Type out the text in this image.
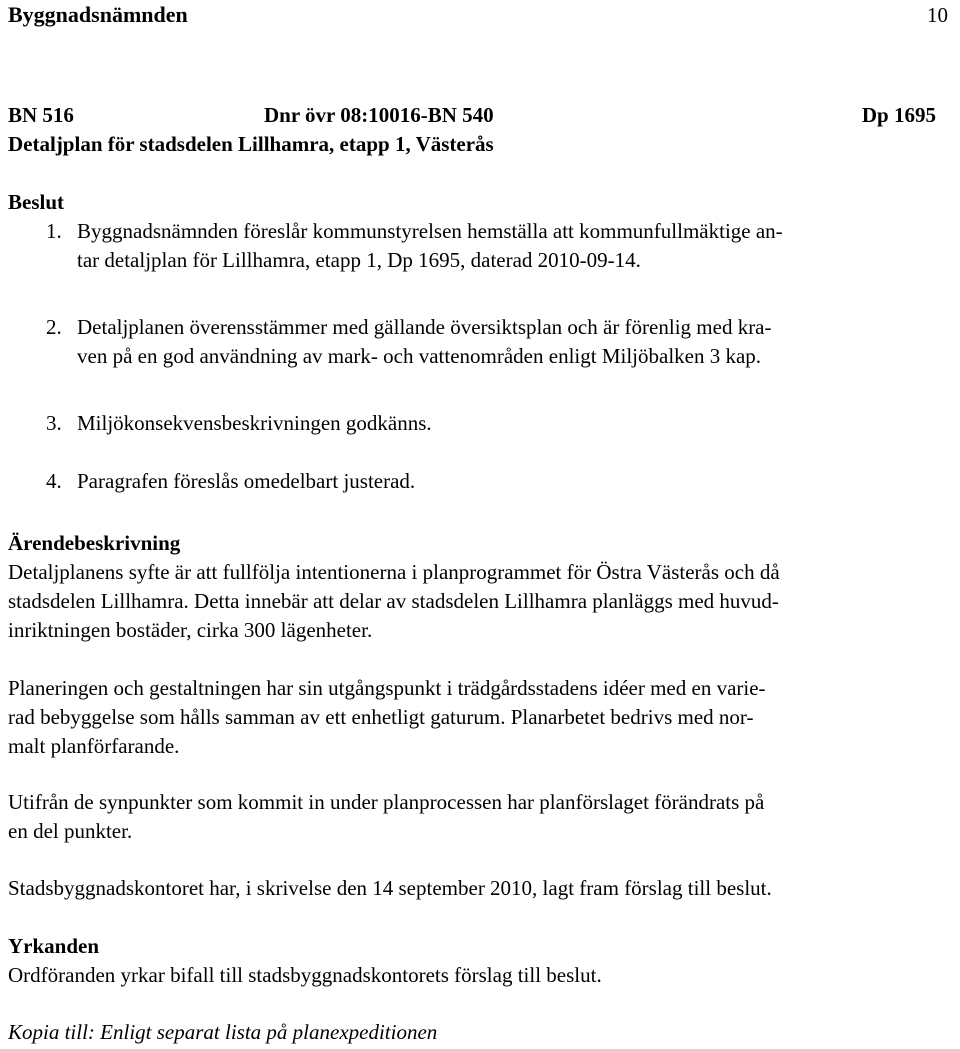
Byggnadsnämnden	10
BN 516	Dnr övr 08:10016-BN 540	Dp 1695
Detaljplan för stadsdelen Lillhamra, etapp 1, Västerås
Beslut
1. Byggnadsnämnden föreslår kommunstyrelsen hemställa att kommunfullmäktige an-
tar detaljplan för Lillhamra, etapp 1, Dp 1695, daterad 2010-09-14.
2. Detaljplanen överensstämmer med gällande översiktsplan och är förenlig med kra-
ven på en god användning av mark- och vattenområden enligt Miljöbalken 3 kap.
3. Miljökonsekvensbeskrivningen godkänns.
4. Paragrafen föreslås omedelbart justerad.
Ärendebeskrivning
Detaljplanens syfte är att fullfölja intentionerna i planprogrammet för Östra Västerås och då
stadsdelen Lillhamra. Detta innebär att delar av stadsdelen Lillhamra planläggs med huvud-
inriktningen bostäder, cirka 300 lägenheter.
Planeringen och gestaltningen har sin utgångspunkt i trädgårdsstadens idéer med en varie-
rad bebyggelse som hålls samman av ett enhetligt gaturum. Planarbetet bedrivs med nor-
malt planförfarande.
Utifrån de synpunkter som kommit in under planprocessen har planförslaget förändrats på
en del punkter.
Stadsbyggnadskontoret har, i skrivelse den 14 september 2010, lagt fram förslag till beslut.
Yrkanden
Ordföranden yrkar bifall till stadsbyggnadskontorets förslag till beslut.
Kopia till: Enligt separat lista på planexpeditionen
